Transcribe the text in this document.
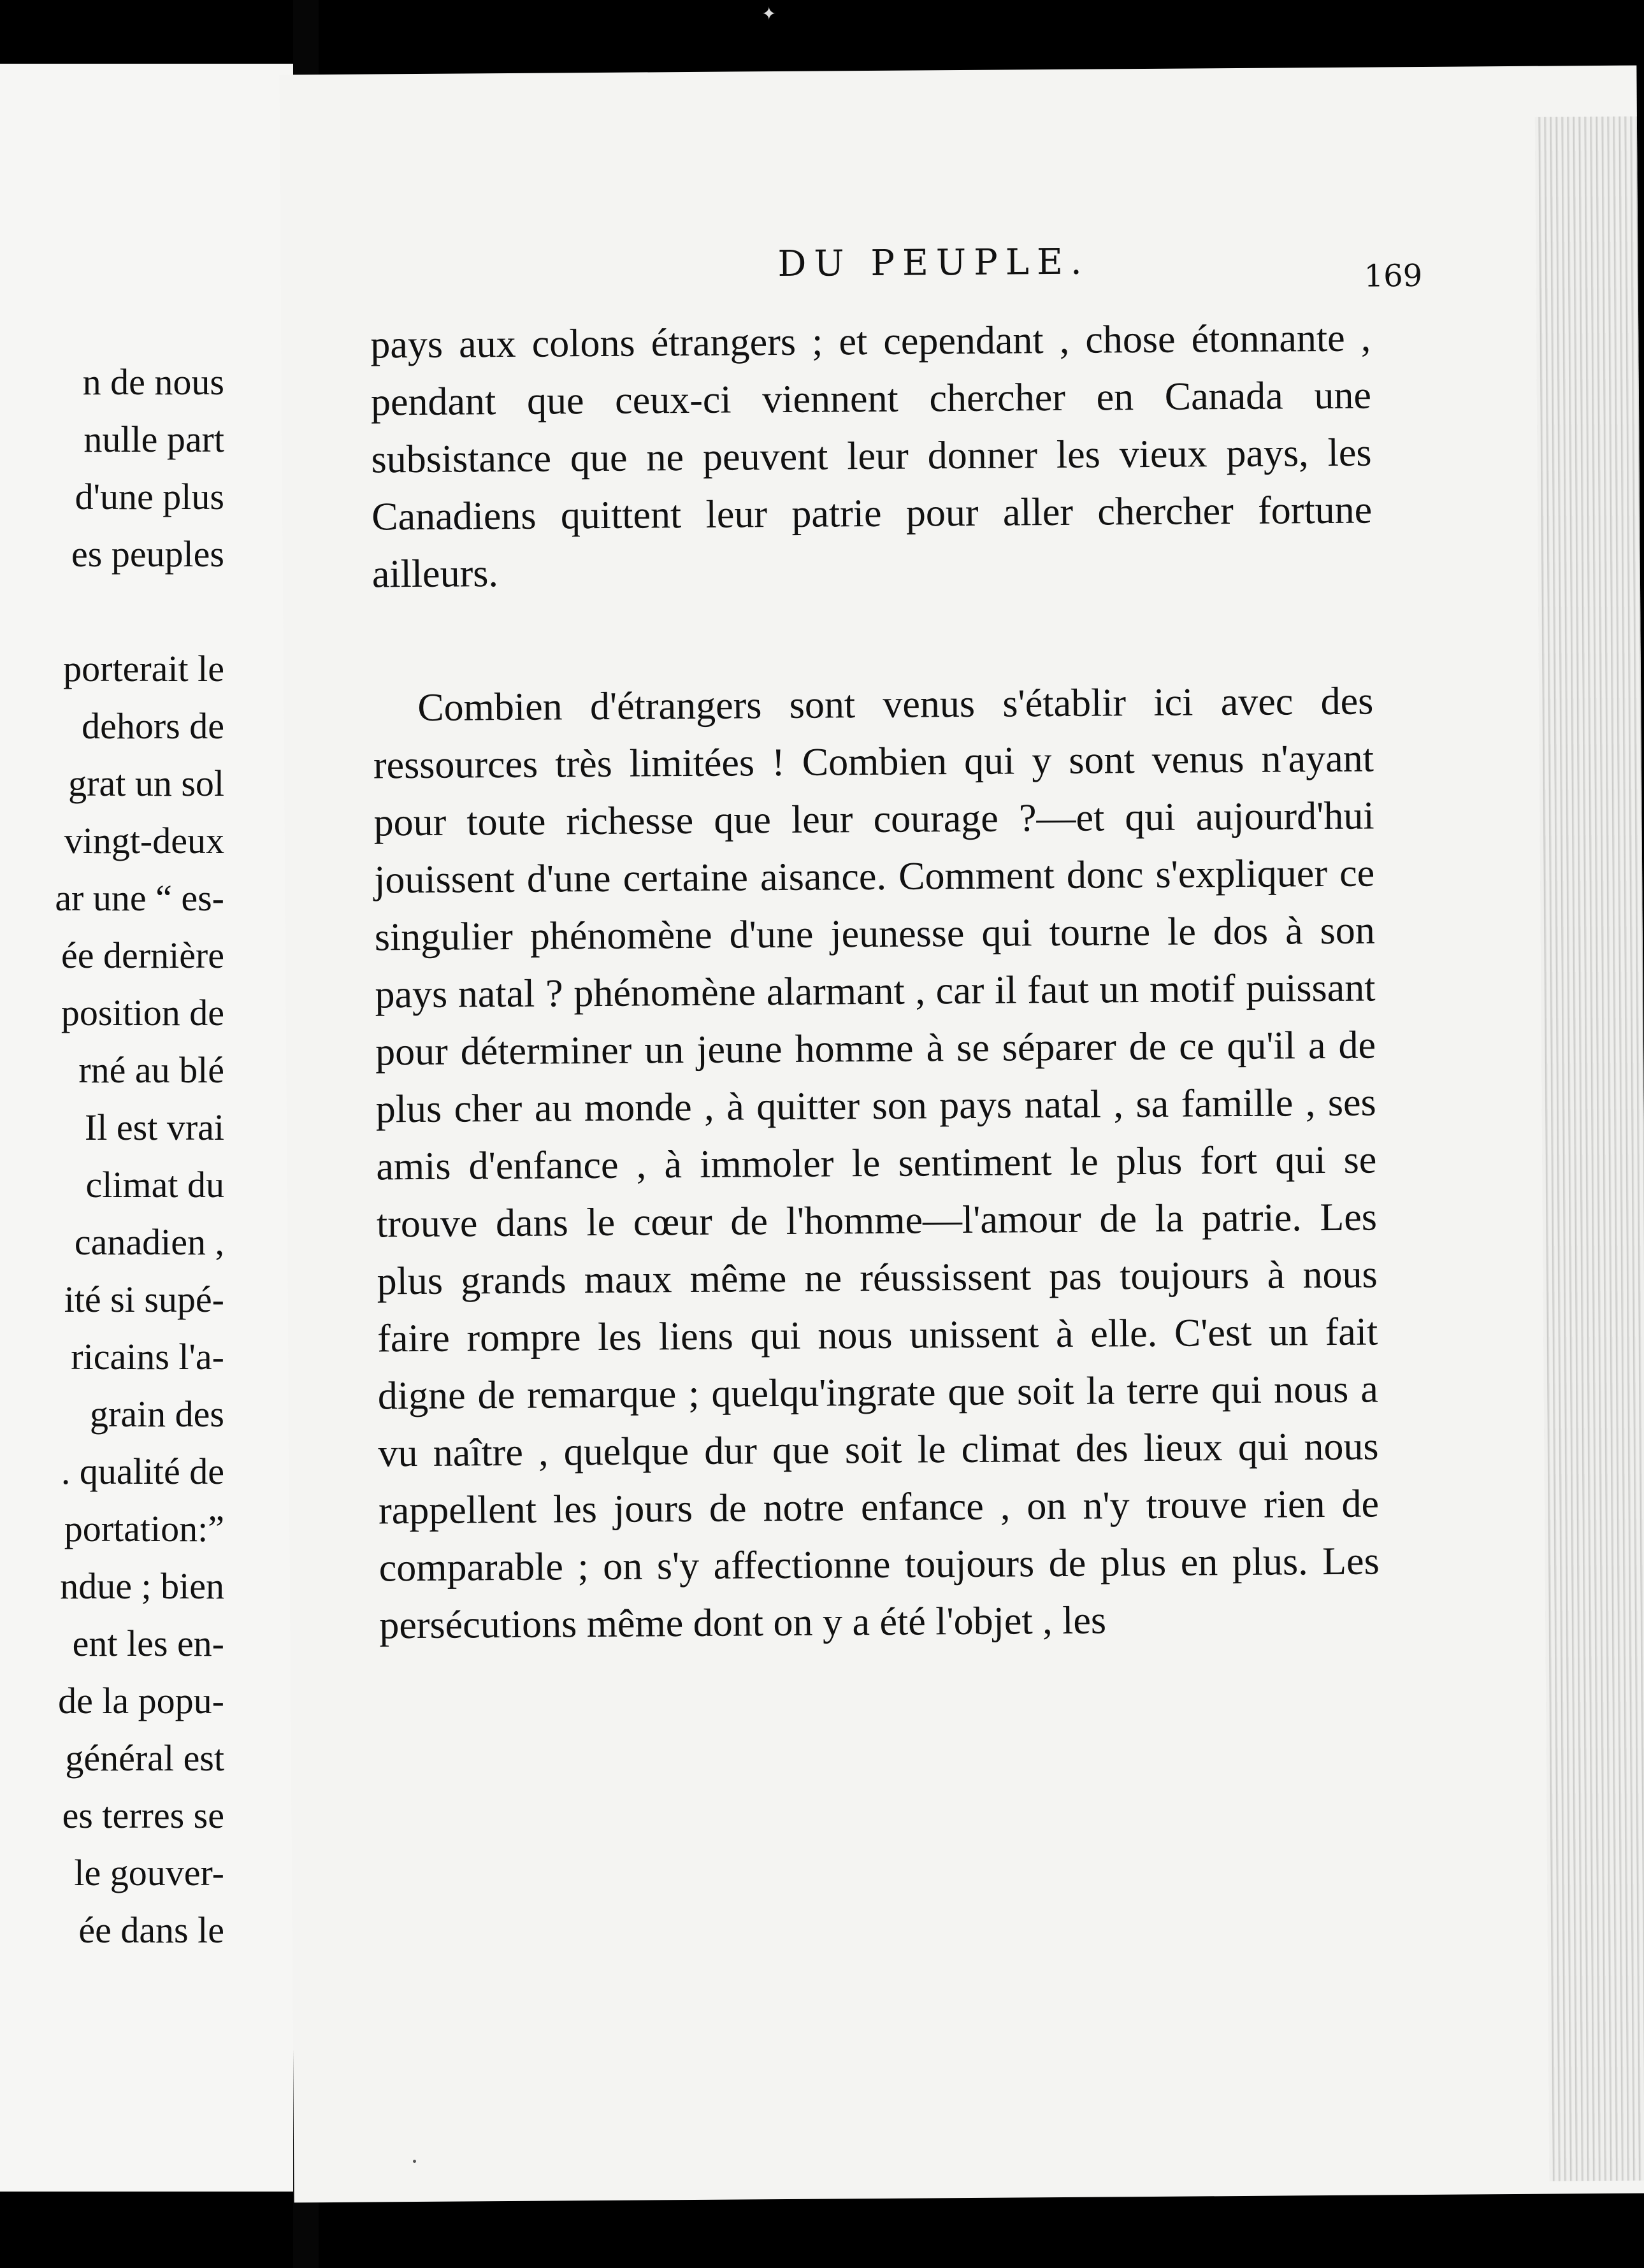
n de nous
nulle part
d'une plus
es peuples
porterait le
dehors de
grat un sol
vingt-deux
ar une “ es-
ée dernière
position de
rné au blé
Il est vrai
climat du
canadien ,
ité si supé-
ricains l'a-
grain des
. qualité de
portation:”
ndue ; bien
ent les en-
de la popu-
général est
es terres se
le gouver-
ée dans le
DU PEUPLE.	169

pays aux colons étrangers ; et cependant , chose étonnante , pendant que ceux-ci viennent chercher en Canada une subsistance que ne peuvent leur donner les vieux pays, les Canadiens quittent leur patrie pour aller chercher fortune ailleurs.

Combien d'étrangers sont venus s'établir ici avec des ressources très limitées ! Combien qui y sont venus n'ayant pour toute richesse que leur courage ?—et qui aujourd'hui jouissent d'une certaine aisance. Comment donc s'expliquer ce singulier phénomène d'une jeunesse qui tourne le dos à son pays natal ? phénomène alarmant , car il faut un motif puissant pour déterminer un jeune homme à se séparer de ce qu'il a de plus cher au monde , à quitter son pays natal , sa famille , ses amis d'enfance , à immoler le sentiment le plus fort qui se trouve dans le cœur de l'homme—l'amour de la patrie. Les plus grands maux même ne réussissent pas toujours à nous faire rompre les liens qui nous unissent à elle. C'est un fait digne de remarque ; quelqu'ingrate que soit la terre qui nous a vu naître , quelque dur que soit le climat des lieux qui nous rappellent les jours de notre enfance , on n'y trouve rien de comparable ; on s'y affectionne toujours de plus en plus. Les persécutions même dont on y a été l'objet , les

✦
